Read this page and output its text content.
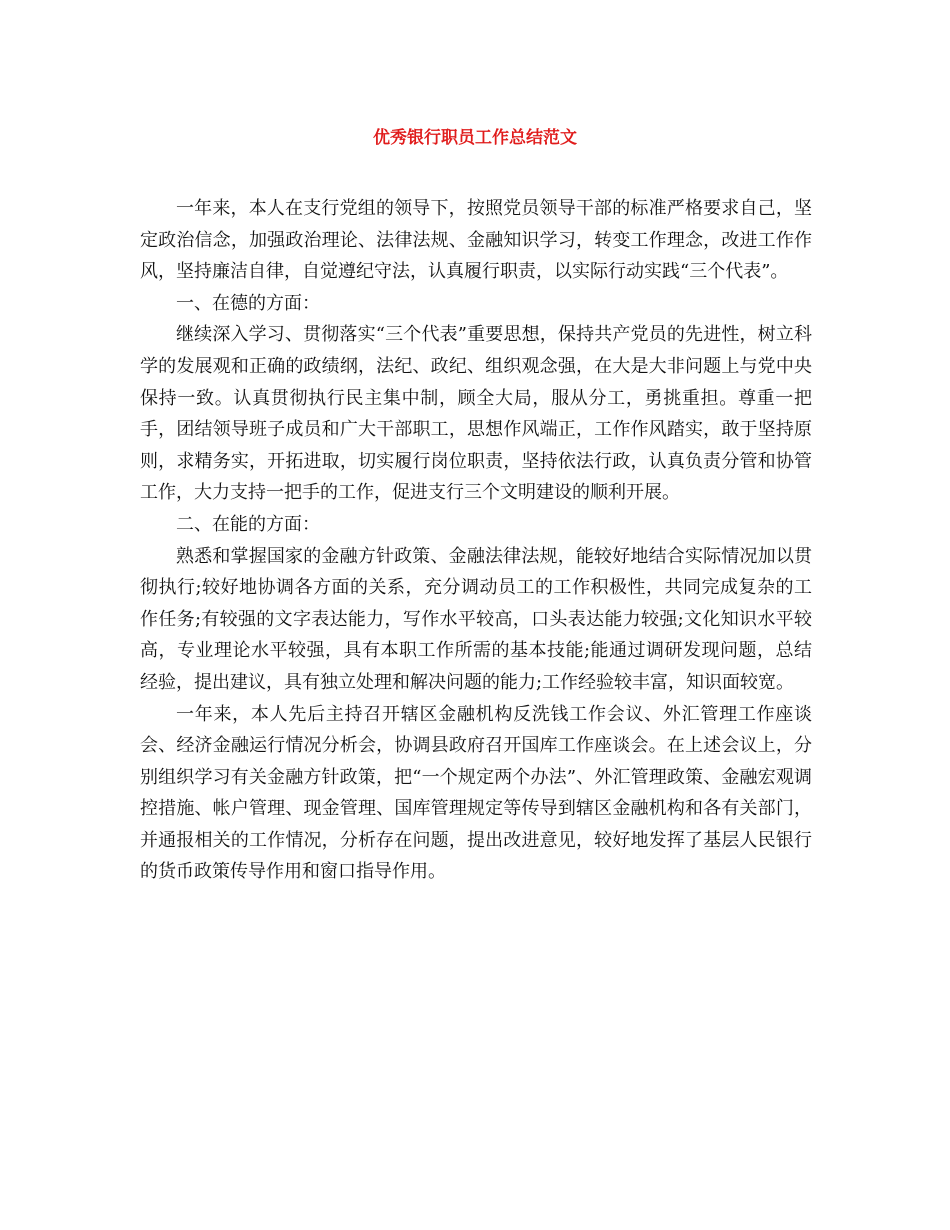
优秀银行职员工作总结范文

一年来，本人在支行党组的领导下，按照党员领导干部的标准严格要求自己，坚定政治信念，加强政治理论、法律法规、金融知识学习，转变工作理念，改进工作作风，坚持廉洁自律，自觉遵纪守法，认真履行职责，以实际行动实践“三个代表”。

一、在德的方面：

继续深入学习、贯彻落实“三个代表”重要思想，保持共产党员的先进性，树立科学的发展观和正确的政绩纲，法纪、政纪、组织观念强，在大是大非问题上与党中央保持一致。认真贯彻执行民主集中制，顾全大局，服从分工，勇挑重担。尊重一把手，团结领导班子成员和广大干部职工，思想作风端正，工作作风踏实，敢于坚持原则，求精务实，开拓进取，切实履行岗位职责，坚持依法行政，认真负责分管和协管工作，大力支持一把手的工作，促进支行三个文明建设的顺利开展。

二、在能的方面：

熟悉和掌握国家的金融方针政策、金融法律法规，能较好地结合实际情况加以贯彻执行;较好地协调各方面的关系，充分调动员工的工作积极性，共同完成复杂的工作任务;有较强的文字表达能力，写作水平较高，口头表达能力较强;文化知识水平较高，专业理论水平较强，具有本职工作所需的基本技能;能通过调研发现问题，总结经验，提出建议，具有独立处理和解决问题的能力;工作经验较丰富，知识面较宽。

一年来，本人先后主持召开辖区金融机构反洗钱工作会议、外汇管理工作座谈会、经济金融运行情况分析会，协调县政府召开国库工作座谈会。在上述会议上，分别组织学习有关金融方针政策，把“一个规定两个办法”、外汇管理政策、金融宏观调控措施、帐户管理、现金管理、国库管理规定等传导到辖区金融机构和各有关部门，并通报相关的工作情况，分析存在问题，提出改进意见，较好地发挥了基层人民银行的货币政策传导作用和窗口指导作用。
